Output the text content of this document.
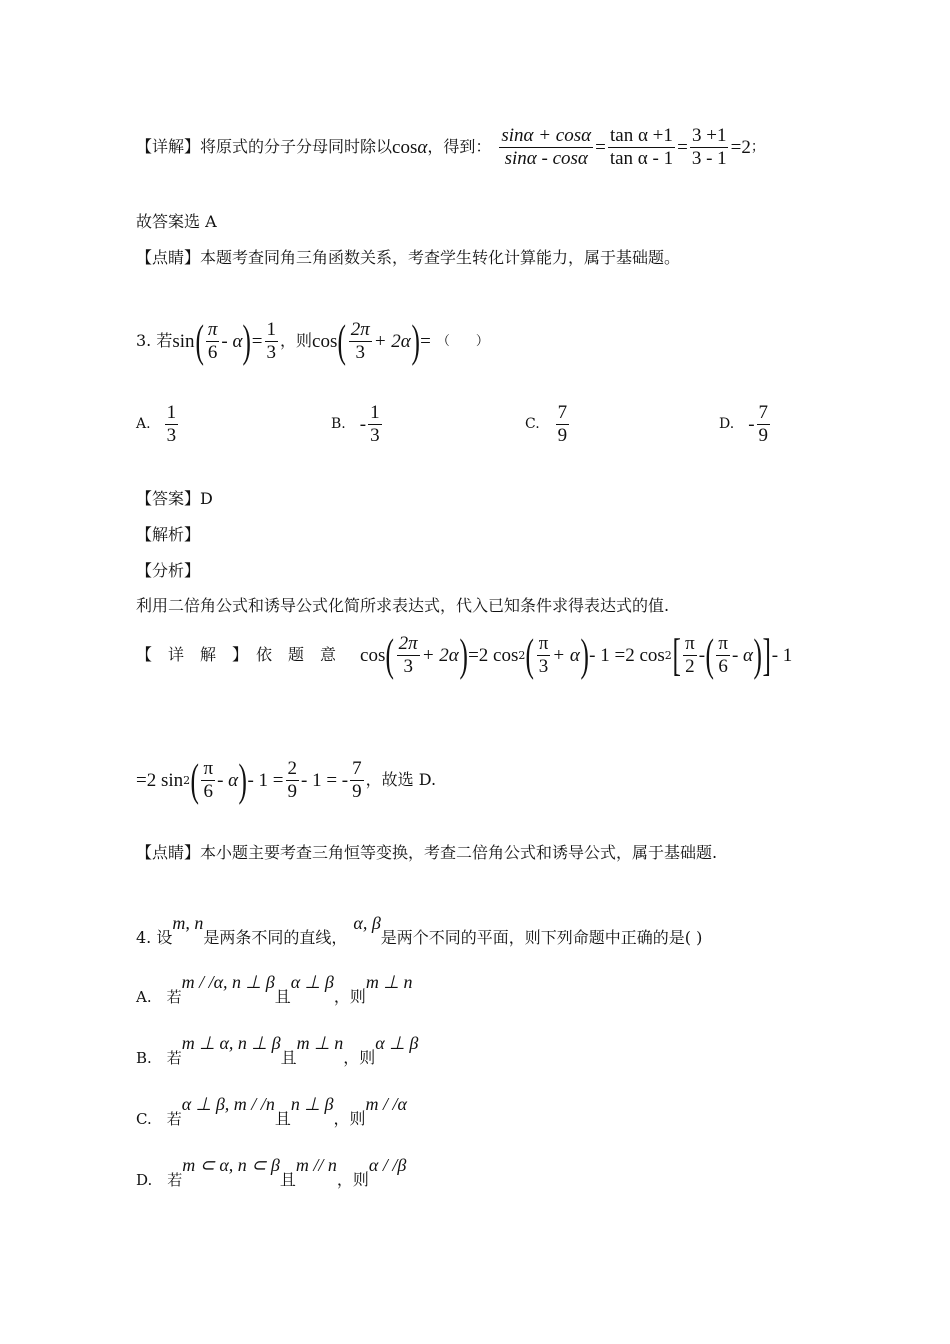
【详解】将原式的分子分母同时除以 cos α ，得到： $\frac{\sin\alpha + \cos\alpha}{\sin\alpha - \cos\alpha} = \frac{\text{tan α +1}}{\text{tan α - 1}} = \frac{3 +1}{3 - 1} =2$ ；
故答案选 A
【点睛】本题考查同角三角函数关系，考查学生转化计算能力，属于基础题。
3. 若 sin ( $\frac{\pi}{6}$ - α ) = $\frac{1}{3}$ ，则 cos ( $\frac{2\pi}{3} + 2\alpha$ ) = （　　）
A. $\frac{1}{3}$	B. - $\frac{1}{3}$	C. $\frac{7}{9}$	D. - $\frac{7}{9}$
【答案】D
【解析】
【分析】
利用二倍角公式和诱导公式化简所求表达式，代入已知条件求得表达式的值.
【　详　解　】　依　题　意 cos ( $\frac{2\pi}{3} + 2\alpha$ ) =2 cos 2 ( $\frac{\pi}{3} + \alpha$ ) - 1 =2 cos 2 [ $\frac{\pi}{2}$ - ( $\frac{\pi}{6}$ - α ) ] - 1
=2 sin 2 ( $\frac{\pi}{6}$ - α ) - $1 = \frac{2}{9} - 1$ = - $\frac{7}{9}$ ，故选 D.
【点睛】本小题主要考查三角恒等变换，考查二倍角公式和诱导公式，属于基础题.
4. 设m, n是两条不同的直线，α, β是两个不同的平面，则下列命题中正确的是( )
A.　若m / /α, n ⊥ β且α ⊥ β，则m ⊥ n
B.　若m ⊥ α, n ⊥ β且m ⊥ n，则α ⊥ β
C.　若α ⊥ β, m / /n且n ⊥ β，则m / /α
D.　若m ⊂ α, n ⊂ β且m // n，则α / /β
